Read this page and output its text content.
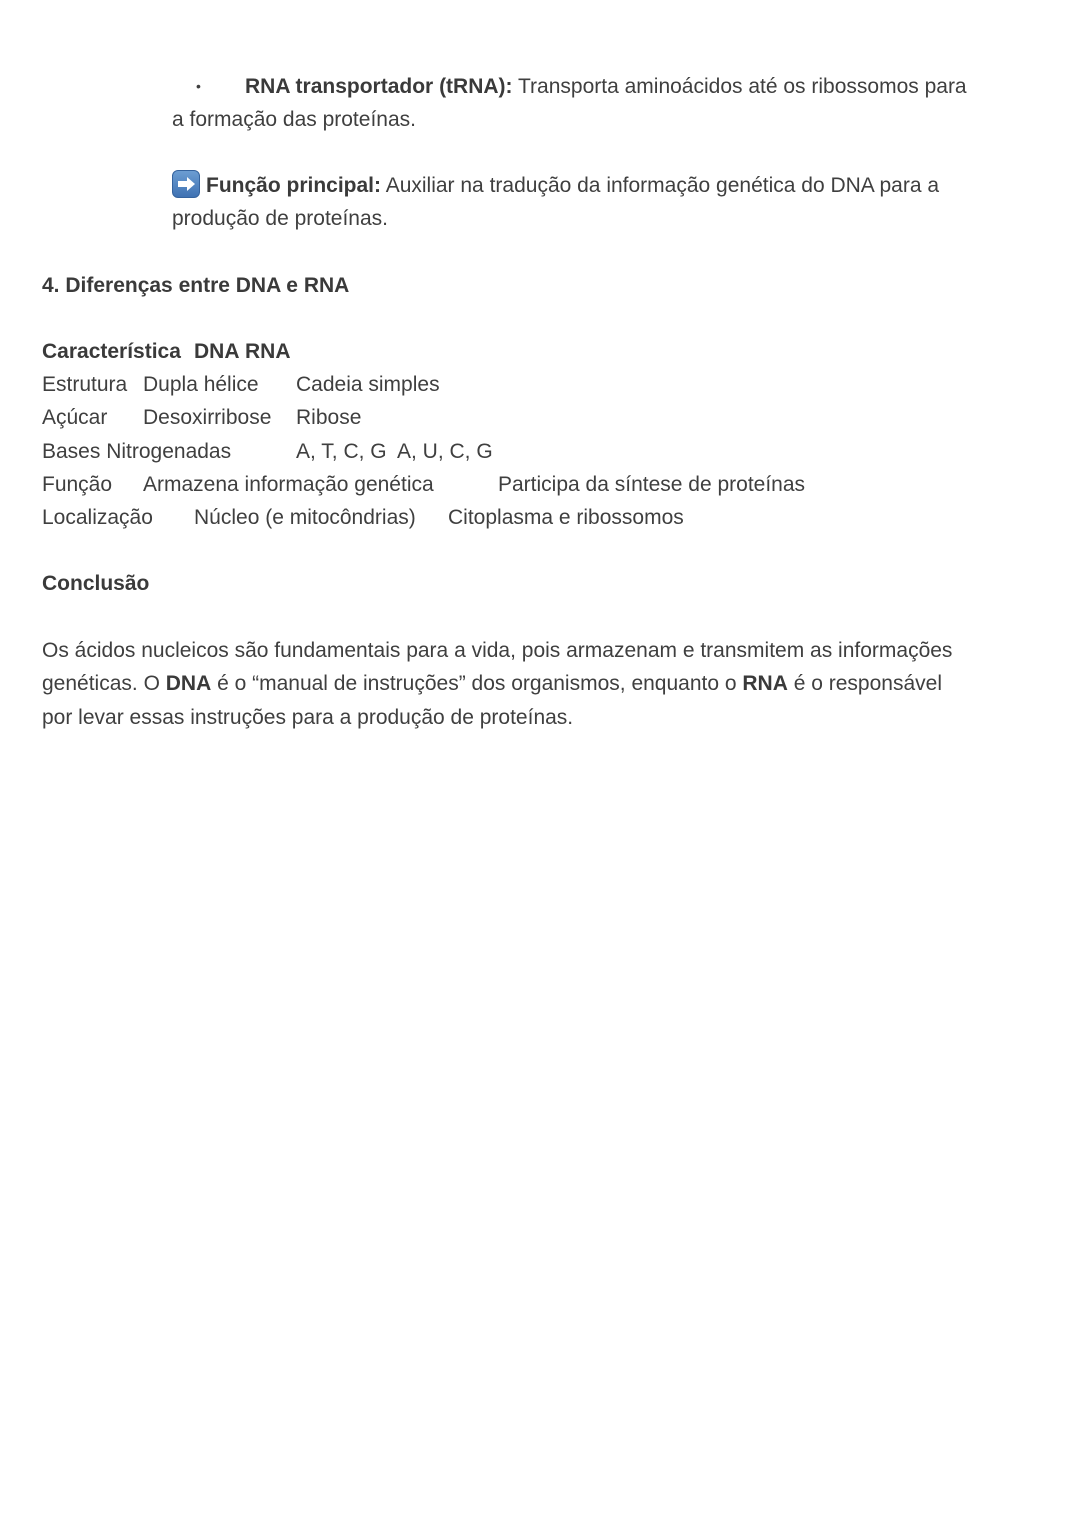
• RNA transportador (tRNA): Transporta aminoácidos até os ribossomos para
a formação das proteínas.
Função principal: Auxiliar na tradução da informação genética do DNA para a
produção de proteínas.
4. Diferenças entre DNA e RNA
Característica DNA RNA
Estrutura Dupla hélice Cadeia simples
Açúcar Desoxirribose Ribose
Bases Nitrogenadas	A, T, C, G A, U, C, G
Função Armazena informação genética	Participa da síntese de proteínas
Localização Núcleo (e mitocôndrias) Citoplasma e ribossomos
Conclusão
Os ácidos nucleicos são fundamentais para a vida, pois armazenam e transmitem as informações
genéticas. O DNA é o “manual de instruções” dos organismos, enquanto o RNA é o responsável
por levar essas instruções para a produção de proteínas.
